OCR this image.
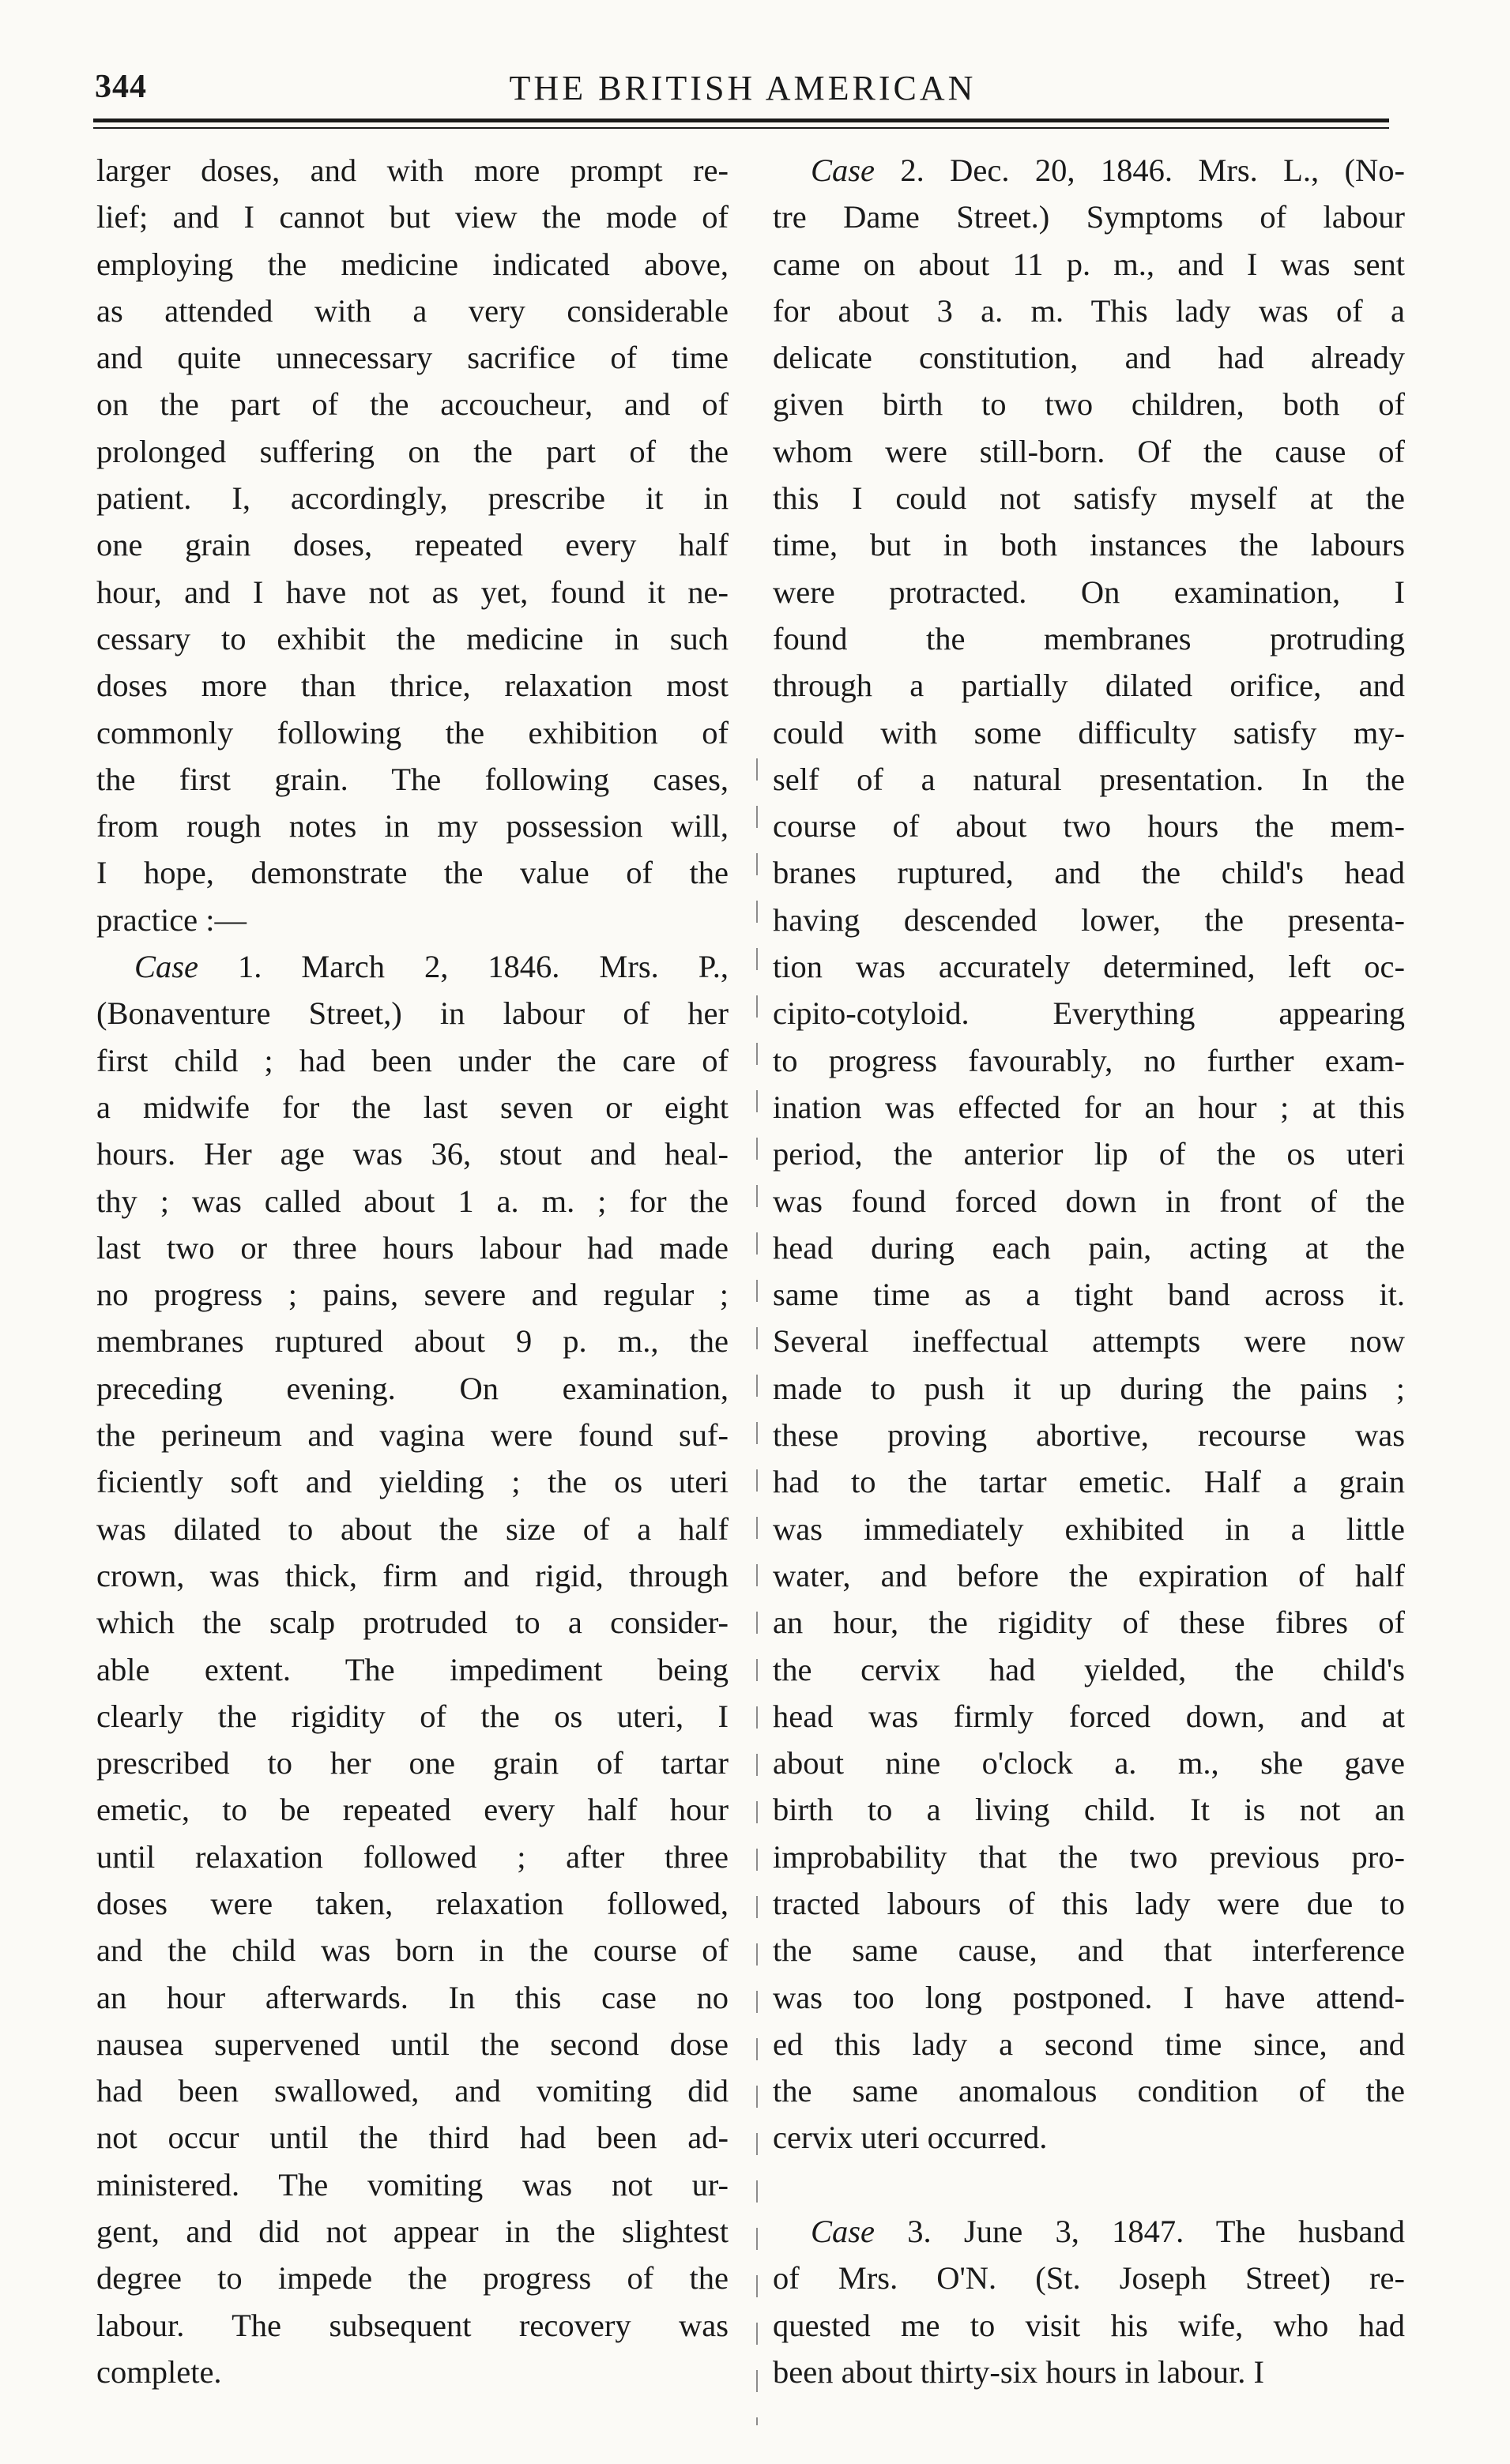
344	THE BRITISH AMERICAN
larger doses, and with more prompt re-
lief; and I cannot but view the mode of
employing the medicine indicated above,
as attended with a very considerable
and quite unnecessary sacrifice of time
on the part of the accoucheur, and of
prolonged suffering on the part of the
patient. I, accordingly, prescribe it in
one grain doses, repeated every half
hour, and I have not as yet, found it ne-
cessary to exhibit the medicine in such
doses more than thrice, relaxation most
commonly following the exhibition of
the first grain. The following cases,
from rough notes in my possession will,
I hope, demonstrate the value of the
practice :—
Case 1. March 2, 1846. Mrs. P.,
(Bonaventure Street,) in labour of her
first child ; had been under the care of
a midwife for the last seven or eight
hours. Her age was 36, stout and heal-
thy ; was called about 1 a. m. ; for the
last two or three hours labour had made
no progress ; pains, severe and regular ;
membranes ruptured about 9 p. m., the
preceding evening. On examination,
the perineum and vagina were found suf-
ficiently soft and yielding ; the os uteri
was dilated to about the size of a half
crown, was thick, firm and rigid, through
which the scalp protruded to a consider-
able extent. The impediment being
clearly the rigidity of the os uteri, I
prescribed to her one grain of tartar
emetic, to be repeated every half hour
until relaxation followed ; after three
doses were taken, relaxation followed,
and the child was born in the course of
an hour afterwards. In this case no
nausea supervened until the second dose
had been swallowed, and vomiting did
not occur until the third had been ad-
ministered. The vomiting was not ur-
gent, and did not appear in the slightest
degree to impede the progress of the
labour. The subsequent recovery was
complete.
Case 2. Dec. 20, 1846. Mrs. L., (No-
tre Dame Street.) Symptoms of labour
came on about 11 p. m., and I was sent
for about 3 a. m. This lady was of a
delicate constitution, and had already
given birth to two children, both of
whom were still-born. Of the cause of
this I could not satisfy myself at the
time, but in both instances the labours
were protracted. On examination, I
found the membranes protruding
through a partially dilated orifice, and
could with some difficulty satisfy my-
self of a natural presentation. In the
course of about two hours the mem-
branes ruptured, and the child's head
having descended lower, the presenta-
tion was accurately determined, left oc-
cipito-cotyloid. Everything appearing
to progress favourably, no further exam-
ination was effected for an hour ; at this
period, the anterior lip of the os uteri
was found forced down in front of the
head during each pain, acting at the
same time as a tight band across it.
Several ineffectual attempts were now
made to push it up during the pains ;
these proving abortive, recourse was
had to the tartar emetic. Half a grain
was immediately exhibited in a little
water, and before the expiration of half
an hour, the rigidity of these fibres of
the cervix had yielded, the child's
head was firmly forced down, and at
about nine o'clock a. m., she gave
birth to a living child. It is not an
improbability that the two previous pro-
tracted labours of this lady were due to
the same cause, and that interference
was too long postponed. I have attend-
ed this lady a second time since, and
the same anomalous condition of the
cervix uteri occurred.
Case 3. June 3, 1847. The husband
of Mrs. O'N. (St. Joseph Street) re-
quested me to visit his wife, who had
been about thirty-six hours in labour. I
